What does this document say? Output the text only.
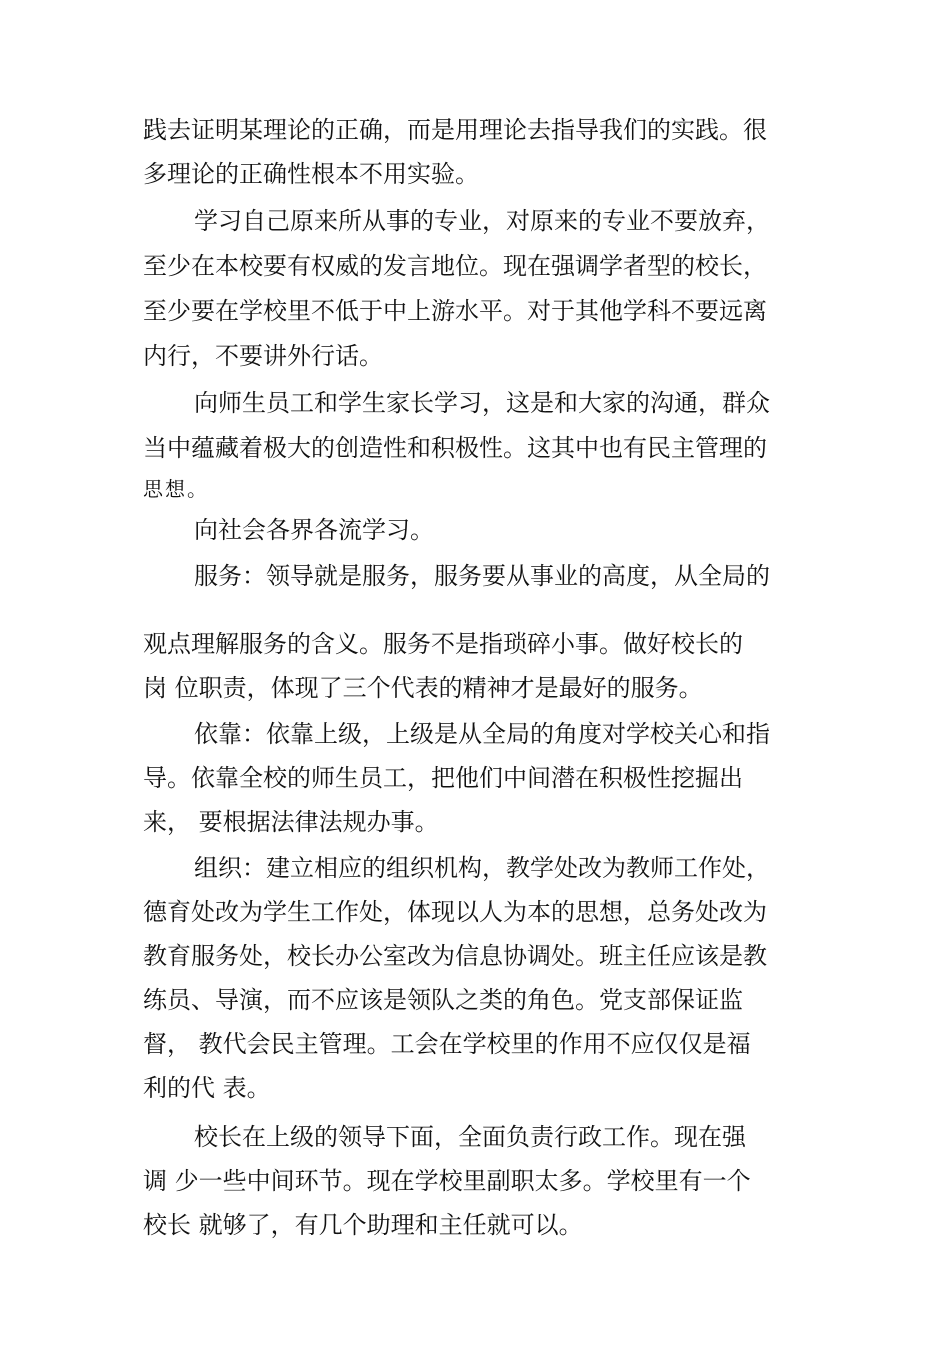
践去证明某理论的正确，而是用理论去指导我们的实践。很
多理论的正确性根本不用实验。
学习自己原来所从事的专业，对原来的专业不要放弃，
至少在本校要有权威的发言地位。现在强调学者型的校长，
至少要在学校里不低于中上游水平。对于其他学科不要远离
内行，不要讲外行话。
向师生员工和学生家长学习，这是和大家的沟通，群众
当中蕴藏着极大的创造性和积极性。这其中也有民主管理的
思想。
向社会各界各流学习。
服务：领导就是服务，服务要从事业的高度，从全局的
观点理解服务的含义。服务不是指琐碎小事。做好校长的
岗 位职责，体现了三个代表的精神才是最好的服务。
依靠：依靠上级，上级是从全局的角度对学校关心和指
导。依靠全校的师生员工，把他们中间潜在积极性挖掘出
来， 要根据法律法规办事。
组织：建立相应的组织机构，教学处改为教师工作处，
德育处改为学生工作处，体现以人为本的思想，总务处改为
教育服务处，校长办公室改为信息协调处。班主任应该是教
练员、导演，而不应该是领队之类的角色。党支部保证监
督， 教代会民主管理。工会在学校里的作用不应仅仅是福
利的代 表。
校长在上级的领导下面，全面负责行政工作。现在强
调 少一些中间环节。现在学校里副职太多。学校里有一个
校长 就够了，有几个助理和主任就可以。
